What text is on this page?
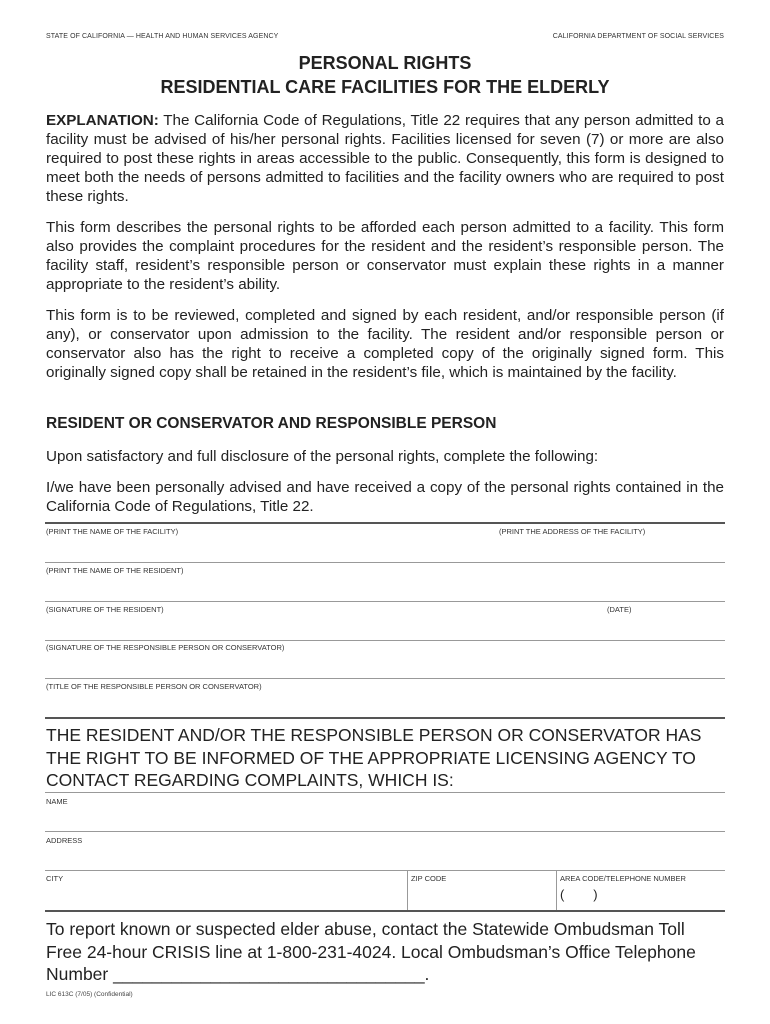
STATE OF CALIFORNIA — HEALTH AND HUMAN SERVICES AGENCY	CALIFORNIA DEPARTMENT OF SOCIAL SERVICES
PERSONAL RIGHTS
RESIDENTIAL CARE FACILITIES FOR THE ELDERLY
EXPLANATION: The California Code of Regulations, Title 22 requires that any person admitted to a facility must be advised of his/her personal rights. Facilities licensed for seven (7) or more are also required to post these rights in areas accessible to the public. Consequently, this form is designed to meet both the needs of persons admitted to facilities and the facility owners who are required to post these rights.
This form describes the personal rights to be afforded each person admitted to a facility. This form also provides the complaint procedures for the resident and the resident’s responsible person. The facility staff, resident’s responsible person or conservator must explain these rights in a manner appropriate to the resident’s ability.
This form is to be reviewed, completed and signed by each resident, and/or responsible person (if any), or conservator upon admission to the facility. The resident and/or responsible person or conservator also has the right to receive a completed copy of the originally signed form. This originally signed copy shall be retained in the resident’s file, which is maintained by the facility.
RESIDENT OR CONSERVATOR AND RESPONSIBLE PERSON
Upon satisfactory and full disclosure of the personal rights, complete the following:
I/we have been personally advised and have received a copy of the personal rights contained in the California Code of Regulations, Title 22.
(PRINT THE NAME OF THE FACILITY)	(PRINT THE ADDRESS OF THE FACILITY)
(PRINT THE NAME OF THE RESIDENT)
(SIGNATURE OF THE RESIDENT)	(DATE)
(SIGNATURE OF THE RESPONSIBLE PERSON OR CONSERVATOR)
(TITLE OF THE RESPONSIBLE PERSON OR CONSERVATOR)
THE RESIDENT AND/OR THE RESPONSIBLE PERSON OR CONSERVATOR HAS THE RIGHT TO BE INFORMED OF THE APPROPRIATE LICENSING AGENCY TO CONTACT REGARDING COMPLAINTS, WHICH IS:
NAME
ADDRESS
CITY	ZIP CODE	AREA CODE/TELEPHONE NUMBER
(        )
To report known or suspected elder abuse, contact the Statewide Ombudsman Toll Free 24-hour CRISIS line at 1-800-231-4024. Local Ombudsman’s Office Telephone Number ________________________________.
LIC 613C (7/05) (Confidential)
